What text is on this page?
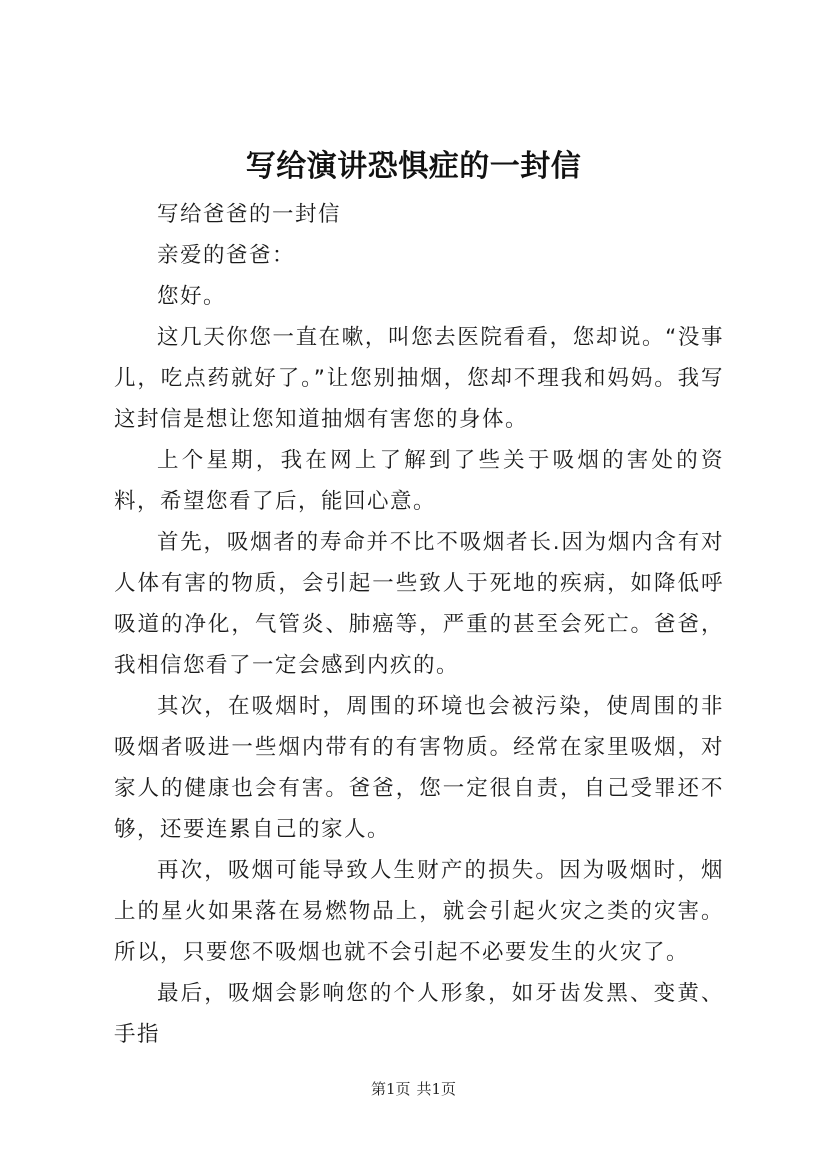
写给演讲恐惧症的一封信

写给爸爸的一封信

亲爱的爸爸：

您好。

这几天你您一直在嗽，叫您去医院看看，您却说。“没事儿，吃点药就好了。”让您别抽烟，您却不理我和妈妈。我写这封信是想让您知道抽烟有害您的身体。

上个星期，我在网上了解到了些关于吸烟的害处的资料，希望您看了后，能回心意。

首先，吸烟者的寿命并不比不吸烟者长.因为烟内含有对人体有害的物质，会引起一些致人于死地的疾病，如降低呼吸道的净化，气管炎、肺癌等，严重的甚至会死亡。爸爸，我相信您看了一定会感到内疚的。

其次，在吸烟时，周围的环境也会被污染，使周围的非吸烟者吸进一些烟内带有的有害物质。经常在家里吸烟，对家人的健康也会有害。爸爸，您一定很自责，自己受罪还不够，还要连累自己的家人。

再次，吸烟可能导致人生财产的损失。因为吸烟时，烟上的星火如果落在易燃物品上，就会引起火灾之类的灾害。所以，只要您不吸烟也就不会引起不必要发生的火灾了。

最后，吸烟会影响您的个人形象，如牙齿发黑、变黄、手指

第1页 共1页
